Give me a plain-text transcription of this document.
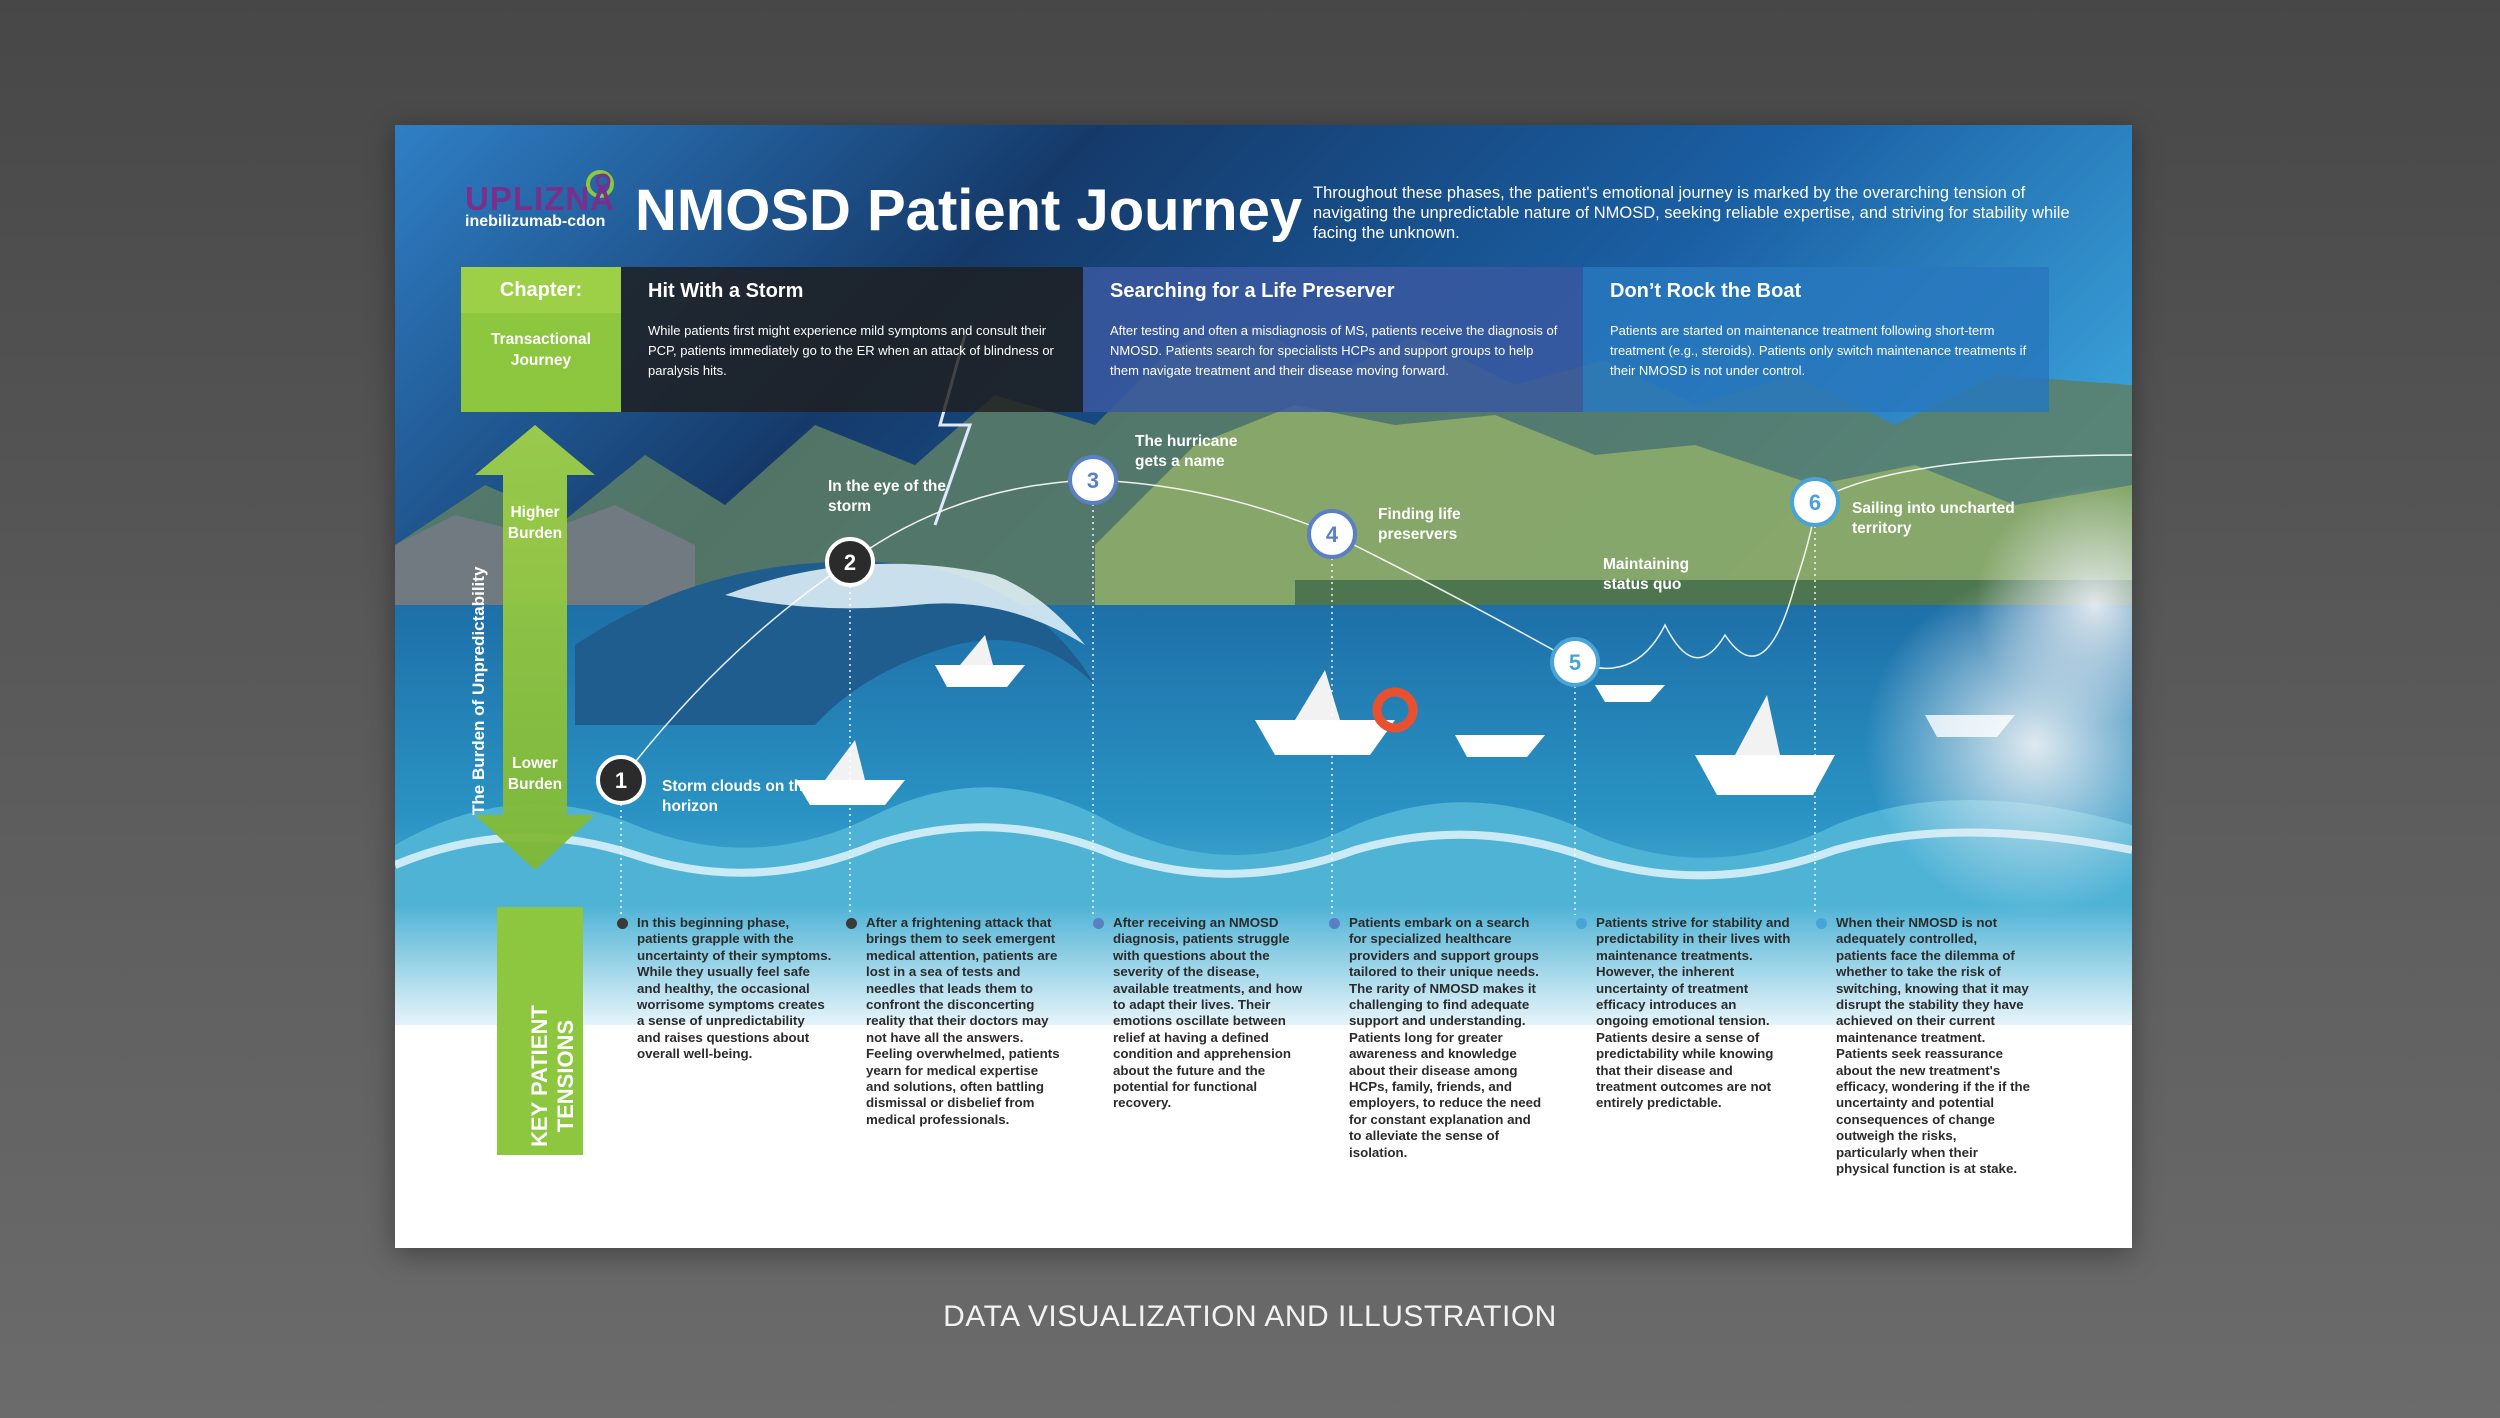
1
2
3
4
5
6
UPLIZNA
inebilizumab-cdon NMOSD Patient Journey Throughout these phases, the patient's emotional journey is marked by the overarching tension of navigating the unpredictable nature of NMOSD, seeking reliable expertise, and striving for stability while facing the unknown.
Chapter:
Transactional Journey
Hit With a Storm
While patients first might experience mild symptoms and consult their PCP, patients immediately go to the ER when an attack of blindness or paralysis hits.
Searching for a Life Preserver
After testing and often a misdiagnosis of MS, patients receive the diagnosis of NMOSD. Patients search for specialists HCPs and support groups to help them navigate treatment and their disease moving forward.
Don’t Rock the Boat
Patients are started on maintenance treatment following short-term treatment (e.g., steroids). Patients only switch maintenance treatments if their NMOSD is not under control.
The Burden of Unpredictability
Higher Burden
Lower Burden	Storm clouds on the horizon
In the eye of the storm
The hurricane gets a name
Finding life preservers
Maintaining status quo
Sailing into uncharted territory
KEY PATIENT
TENSIONS
In this beginning phase, patients grapple with the uncertainty of their symptoms. While they usually feel safe and healthy, the occasional worrisome symptoms creates a sense of unpredictability and raises questions about overall well-being.
After a frightening attack that brings them to seek emergent medical attention, patients are lost in a sea of tests and needles that leads them to confront the disconcerting reality that their doctors may not have all the answers. Feeling overwhelmed, patients yearn for medical expertise and solutions, often battling dismissal or disbelief from medical professionals.
After receiving an NMOSD diagnosis, patients struggle with questions about the severity of the disease, available treatments, and how to adapt their lives. Their emotions oscillate between relief at having a defined condition and apprehension about the future and the potential for functional recovery.
Patients embark on a search for specialized healthcare providers and support groups tailored to their unique needs. The rarity of NMOSD makes it challenging to find adequate support and understanding. Patients long for greater awareness and knowledge about their disease among HCPs, family, friends, and employers, to reduce the need for constant explanation and to alleviate the sense of isolation.
Patients strive for stability and predictability in their lives with maintenance treatments. However, the inherent uncertainty of treatment efficacy introduces an ongoing emotional tension. Patients desire a sense of predictability while knowing that their disease and treatment outcomes are not entirely predictable.
When their NMOSD is not adequately controlled, patients face the dilemma of whether to take the risk of switching, knowing that it may disrupt the stability they have achieved on their current maintenance treatment. Patients seek reassurance about the new treatment's efficacy, wondering if the if the uncertainty and potential consequences of change outweigh the risks, particularly when their physical function is at stake.
DATA VISUALIZATION AND ILLUSTRATION
